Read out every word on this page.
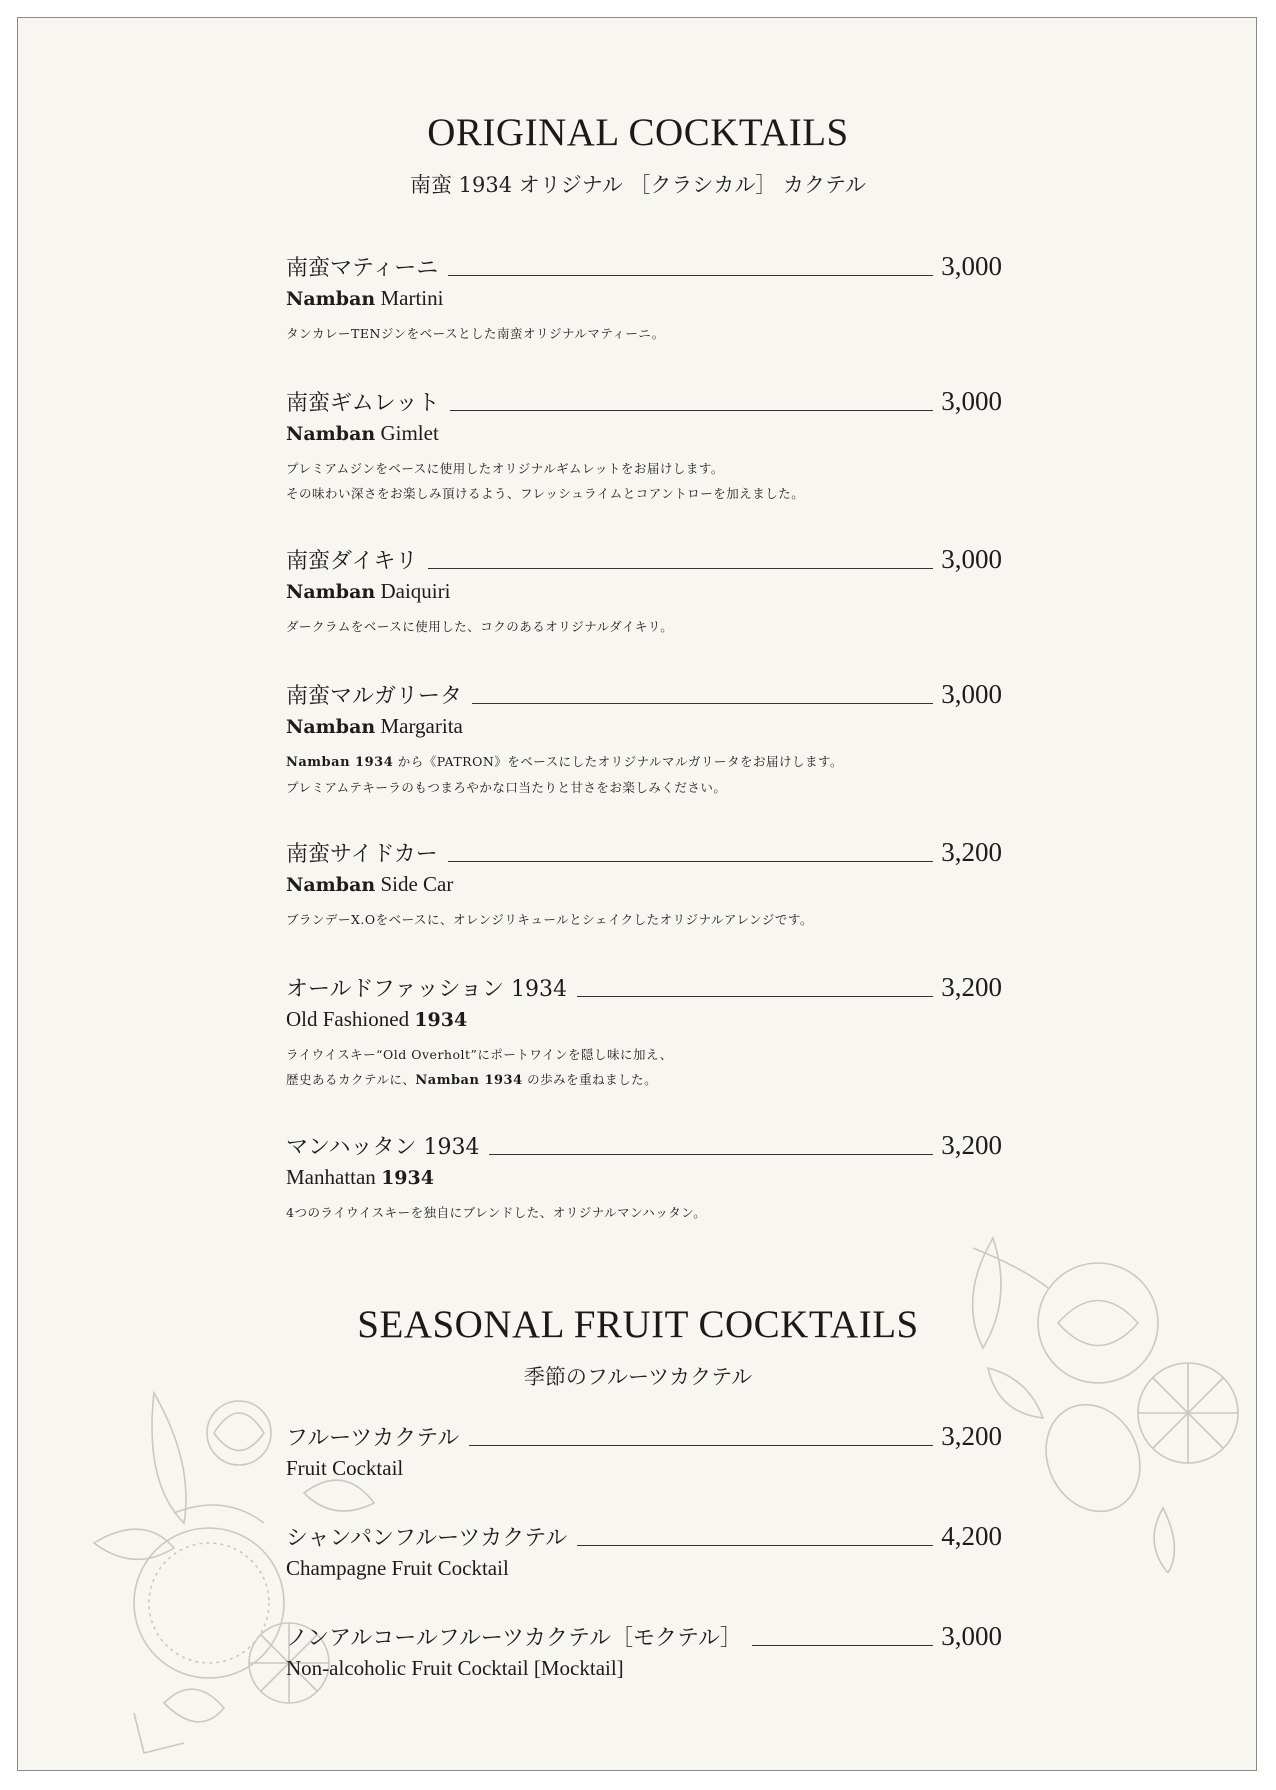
ORIGINAL COCKTAILS
南蛮 1934 オリジナル ［クラシカル］ カクテル
南蛮マティーニ	3,000
Namban Martini
タンカレーTENジンをベースとした南蛮オリジナルマティーニ。
南蛮ギムレット	3,000
Namban Gimlet
プレミアムジンをベースに使用したオリジナルギムレットをお届けします。
その味わい深さをお楽しみ頂けるよう、フレッシュライムとコアントローを加えました。
南蛮ダイキリ	3,000
Namban Daiquiri
ダークラムをベースに使用した、コクのあるオリジナルダイキリ。
南蛮マルガリータ	3,000
Namban Margarita
Namban 1934 から《PATRON》をベースにしたオリジナルマルガリータをお届けします。
プレミアムテキーラのもつまろやかな口当たりと甘さをお楽しみください。
南蛮サイドカー	3,200
Namban Side Car
ブランデーX.Oをベースに、オレンジリキュールとシェイクしたオリジナルアレンジです。
オールドファッション 1934	3,200
Old Fashioned 1934
ライウイスキー“Old Overholt”にポートワインを隠し味に加え、
歴史あるカクテルに、Namban 1934 の歩みを重ねました。
マンハッタン 1934	3,200
Manhattan 1934
4つのライウイスキーを独自にブレンドした、オリジナルマンハッタン。
SEASONAL FRUIT COCKTAILS
季節のフルーツカクテル
フルーツカクテル	3,200
Fruit Cocktail
シャンパンフルーツカクテル	4,200
Champagne Fruit Cocktail
ノンアルコールフルーツカクテル［モクテル］	3,000
Non-alcoholic Fruit Cocktail [Mocktail]
